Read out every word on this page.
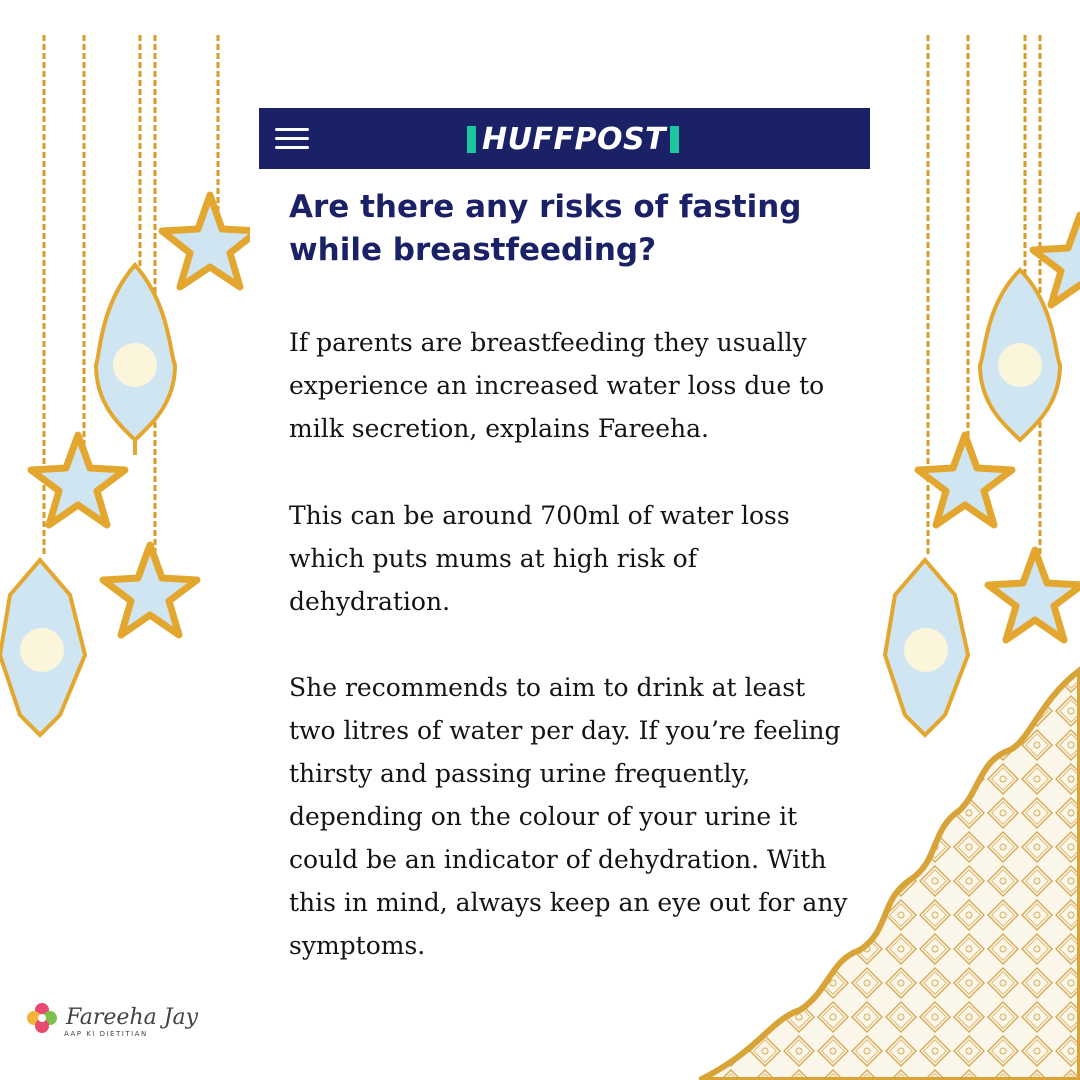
HUFFPOST
Are there any risks of fasting while breastfeeding?

If parents are breastfeeding they usually experience an increased water loss due to milk secretion, explains Fareeha.

This can be around 700ml of water loss which puts mums at high risk of dehydration.

She recommends to aim to drink at least two litres of water per day. If you’re feeling thirsty and passing urine frequently, depending on the colour of your urine it could be an indicator of dehydration. With this in mind, always keep an eye out for any symptoms.

Fareeha Jay
AAP KI DIETITIAN
